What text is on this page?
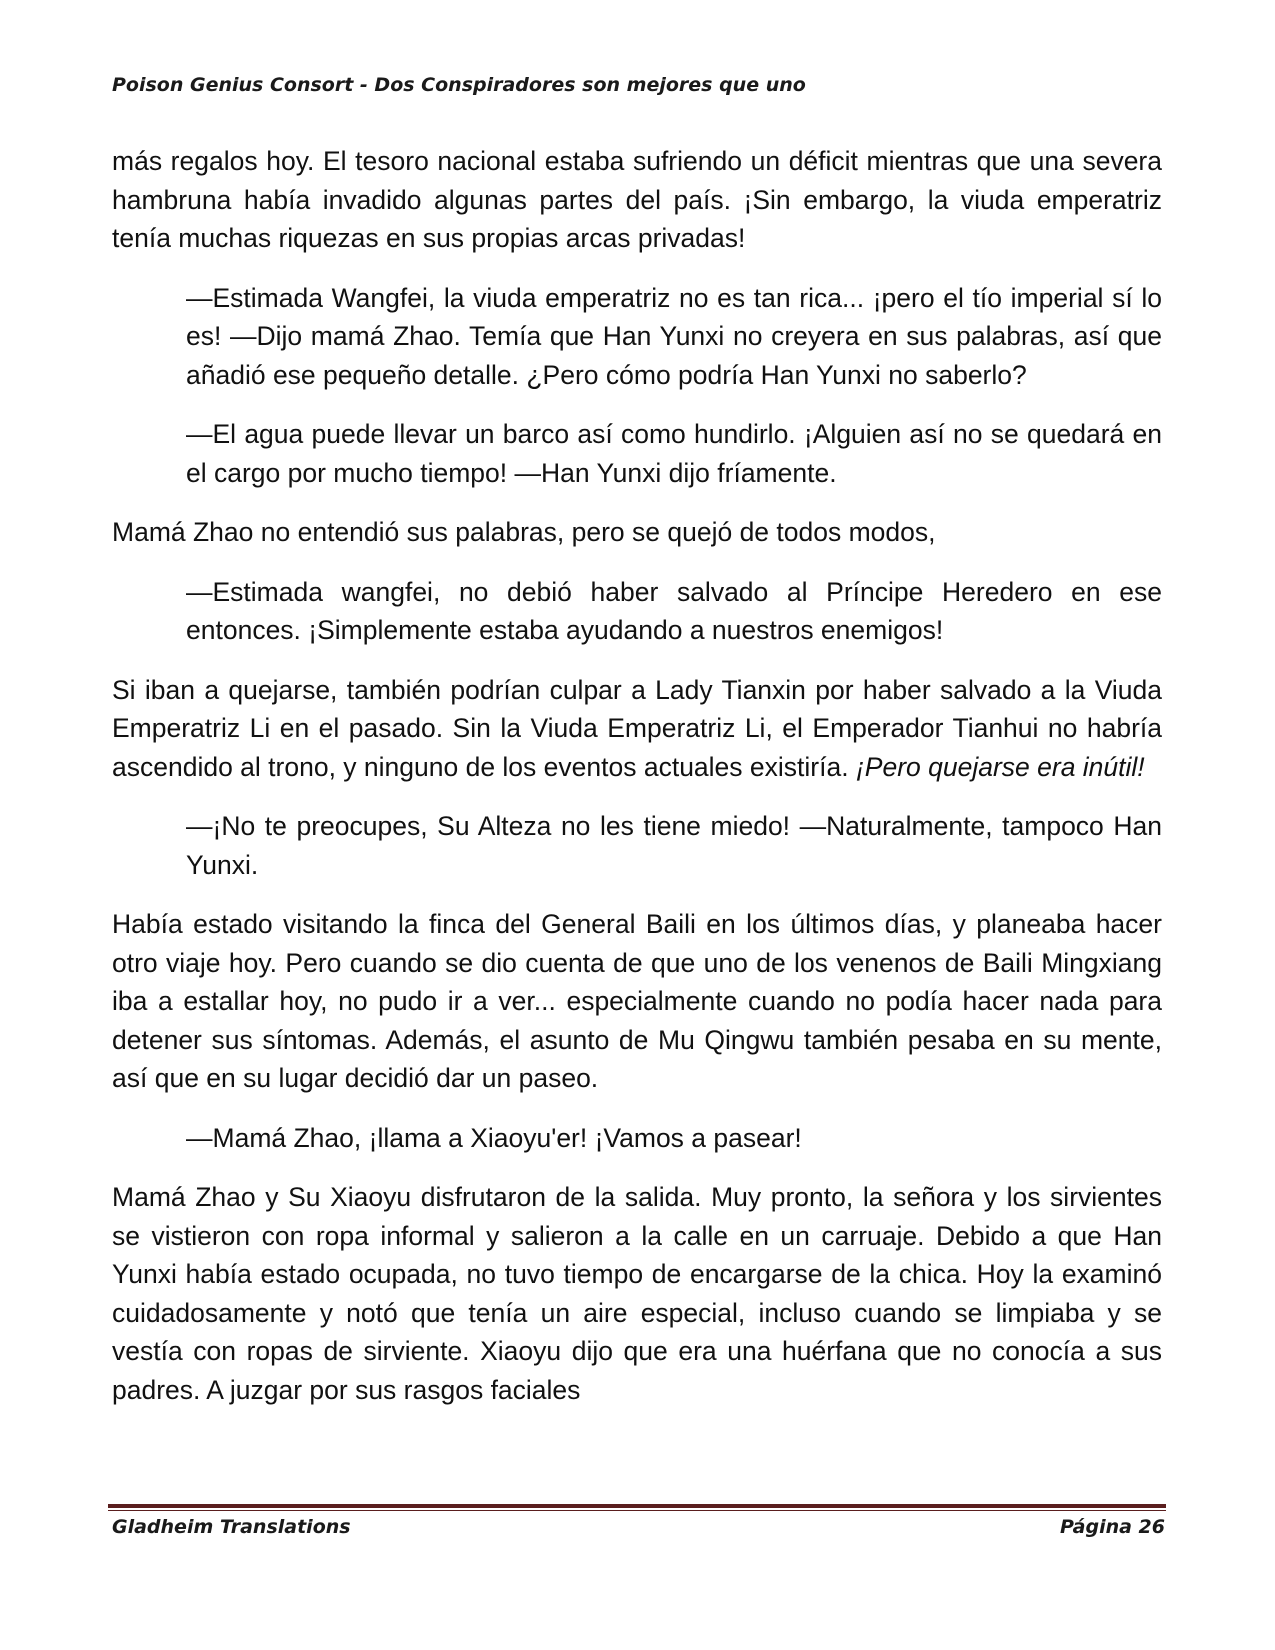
Poison Genius Consort - Dos Conspiradores son mejores que uno

más regalos hoy. El tesoro nacional estaba sufriendo un déficit mientras que una severa hambruna había invadido algunas partes del país. ¡Sin embargo, la viuda emperatriz tenía muchas riquezas en sus propias arcas privadas!

—Estimada Wangfei, la viuda emperatriz no es tan rica... ¡pero el tío imperial sí lo es! —Dijo mamá Zhao. Temía que Han Yunxi no creyera en sus palabras, así que añadió ese pequeño detalle. ¿Pero cómo podría Han Yunxi no saberlo?

—El agua puede llevar un barco así como hundirlo. ¡Alguien así no se quedará en el cargo por mucho tiempo! —Han Yunxi dijo fríamente.

Mamá Zhao no entendió sus palabras, pero se quejó de todos modos,

—Estimada wangfei, no debió haber salvado al Príncipe Heredero en ese entonces. ¡Simplemente estaba ayudando a nuestros enemigos!

Si iban a quejarse, también podrían culpar a Lady Tianxin por haber salvado a la Viuda Emperatriz Li en el pasado. Sin la Viuda Emperatriz Li, el Emperador Tianhui no habría ascendido al trono, y ninguno de los eventos actuales existiría. ¡Pero quejarse era inútil!

—¡No te preocupes, Su Alteza no les tiene miedo! —Naturalmente, tampoco Han Yunxi.

Había estado visitando la finca del General Baili en los últimos días, y planeaba hacer otro viaje hoy. Pero cuando se dio cuenta de que uno de los venenos de Baili Mingxiang iba a estallar hoy, no pudo ir a ver... especialmente cuando no podía hacer nada para detener sus síntomas. Además, el asunto de Mu Qingwu también pesaba en su mente, así que en su lugar decidió dar un paseo.

—Mamá Zhao, ¡llama a Xiaoyu'er! ¡Vamos a pasear!

Mamá Zhao y Su Xiaoyu disfrutaron de la salida. Muy pronto, la señora y los sirvientes se vistieron con ropa informal y salieron a la calle en un carruaje. Debido a que Han Yunxi había estado ocupada, no tuvo tiempo de encargarse de la chica. Hoy la examinó cuidadosamente y notó que tenía un aire especial, incluso cuando se limpiaba y se vestía con ropas de sirviente. Xiaoyu dijo que era una huérfana que no conocía a sus padres. A juzgar por sus rasgos faciales

Gladheim Translations	Página 26
